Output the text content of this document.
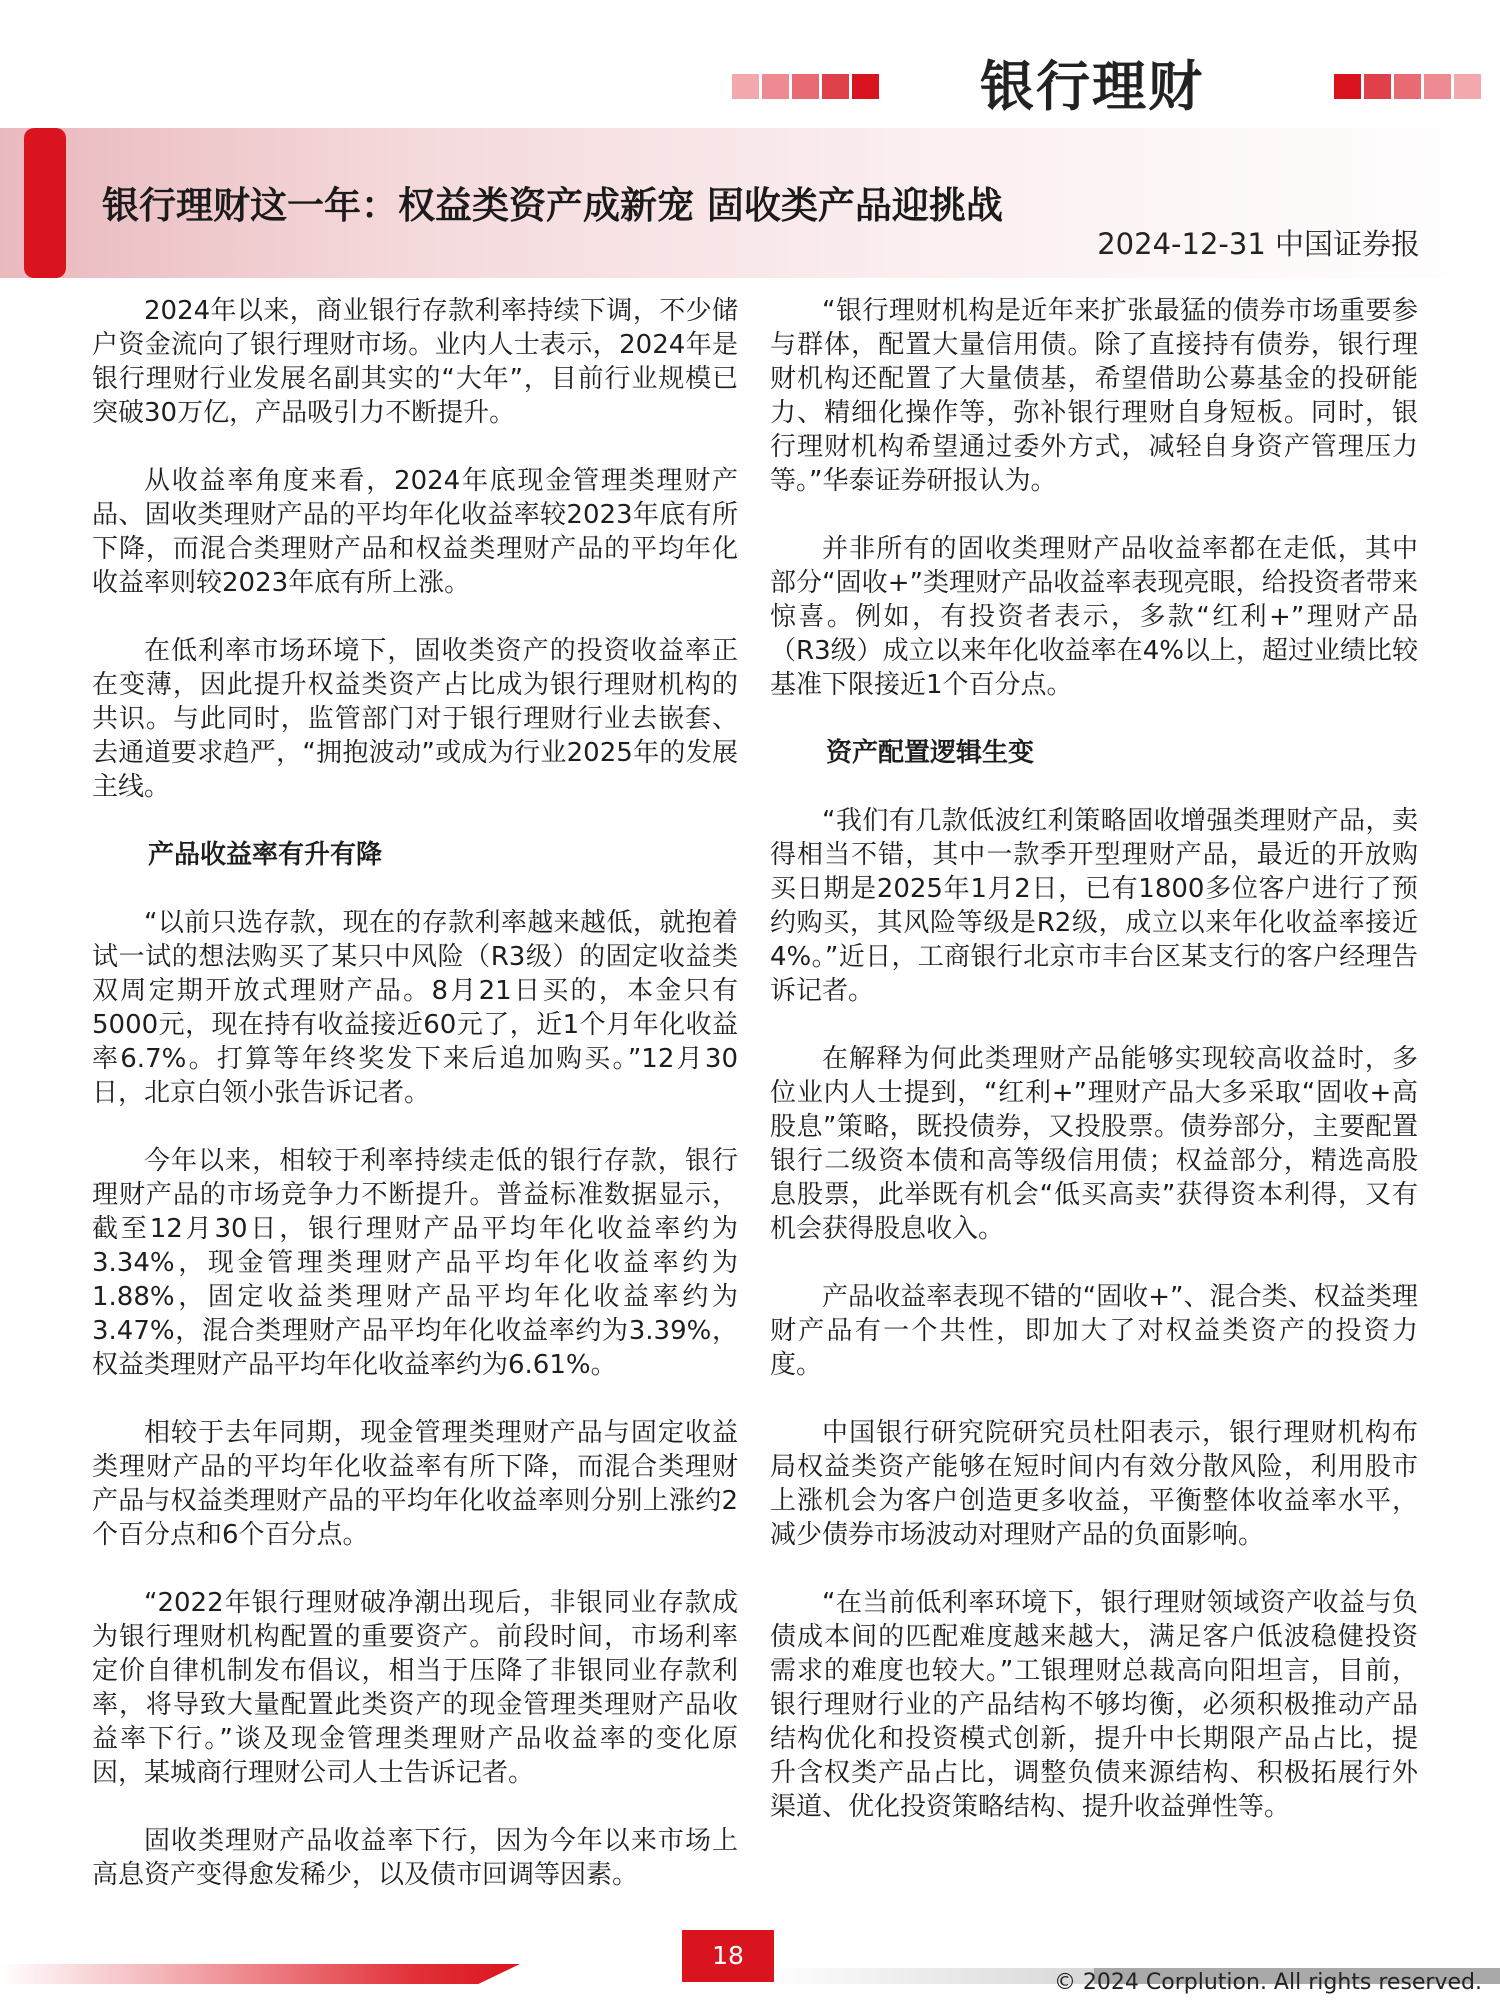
银行理财
银行理财这一年：权益类资产成新宠 固收类产品迎挑战
2024-12-31 中国证券报

2024年以来，商业银行存款利率持续下调，不少储户资金流向了银行理财市场。业内人士表示，2024年是银行理财行业发展名副其实的“大年”，目前行业规模已突破30万亿，产品吸引力不断提升。

从收益率角度来看，2024年底现金管理类理财产品、固收类理财产品的平均年化收益率较2023年底有所下降，而混合类理财产品和权益类理财产品的平均年化收益率则较2023年底有所上涨。

在低利率市场环境下，固收类资产的投资收益率正在变薄，因此提升权益类资产占比成为银行理财机构的共识。与此同时，监管部门对于银行理财行业去嵌套、去通道要求趋严，“拥抱波动”或成为行业2025年的发展主线。

产品收益率有升有降

“以前只选存款，现在的存款利率越来越低，就抱着试一试的想法购买了某只中风险（R3级）的固定收益类双周定期开放式理财产品。8月21日买的，本金只有5000元，现在持有收益接近60元了，近1个月年化收益率6.7%。打算等年终奖发下来后追加购买。”12月30日，北京白领小张告诉记者。

今年以来，相较于利率持续走低的银行存款，银行理财产品的市场竞争力不断提升。普益标准数据显示，截至12月30日，银行理财产品平均年化收益率约为3.34%，现金管理类理财产品平均年化收益率约为1.88%，固定收益类理财产品平均年化收益率约为3.47%，混合类理财产品平均年化收益率约为3.39%，权益类理财产品平均年化收益率约为6.61%。

相较于去年同期，现金管理类理财产品与固定收益类理财产品的平均年化收益率有所下降，而混合类理财产品与权益类理财产品的平均年化收益率则分别上涨约2个百分点和6个百分点。

“2022年银行理财破净潮出现后，非银同业存款成为银行理财机构配置的重要资产。前段时间，市场利率定价自律机制发布倡议，相当于压降了非银同业存款利率，将导致大量配置此类资产的现金管理类理财产品收益率下行。”谈及现金管理类理财产品收益率的变化原因，某城商行理财公司人士告诉记者。

固收类理财产品收益率下行，因为今年以来市场上高息资产变得愈发稀少，以及债市回调等因素。

“银行理财机构是近年来扩张最猛的债券市场重要参与群体，配置大量信用债。除了直接持有债券，银行理财机构还配置了大量债基，希望借助公募基金的投研能力、精细化操作等，弥补银行理财自身短板。同时，银行理财机构希望通过委外方式，减轻自身资产管理压力等。”华泰证券研报认为。

并非所有的固收类理财产品收益率都在走低，其中部分“固收+”类理财产品收益率表现亮眼，给投资者带来惊喜。例如，有投资者表示，多款“红利+”理财产品（R3级）成立以来年化收益率在4%以上，超过业绩比较基准下限接近1个百分点。

资产配置逻辑生变

“我们有几款低波红利策略固收增强类理财产品，卖得相当不错，其中一款季开型理财产品，最近的开放购买日期是2025年1月2日，已有1800多位客户进行了预约购买，其风险等级是R2级，成立以来年化收益率接近4%。”近日，工商银行北京市丰台区某支行的客户经理告诉记者。

在解释为何此类理财产品能够实现较高收益时，多位业内人士提到，“红利+”理财产品大多采取“固收+高股息”策略，既投债券，又投股票。债券部分，主要配置银行二级资本债和高等级信用债；权益部分，精选高股息股票，此举既有机会“低买高卖”获得资本利得，又有机会获得股息收入。

产品收益率表现不错的“固收+”、混合类、权益类理财产品有一个共性，即加大了对权益类资产的投资力度。

中国银行研究院研究员杜阳表示，银行理财机构布局权益类资产能够在短时间内有效分散风险，利用股市上涨机会为客户创造更多收益，平衡整体收益率水平，减少债券市场波动对理财产品的负面影响。

“在当前低利率环境下，银行理财领域资产收益与负债成本间的匹配难度越来越大，满足客户低波稳健投资需求的难度也较大。”工银理财总裁高向阳坦言，目前，银行理财行业的产品结构不够均衡，必须积极推动产品结构优化和投资模式创新，提升中长期限产品占比，提升含权类产品占比，调整负债来源结构、积极拓展行外渠道、优化投资策略结构、提升收益弹性等。

18
© 2024 Corplution. All rights reserved.
